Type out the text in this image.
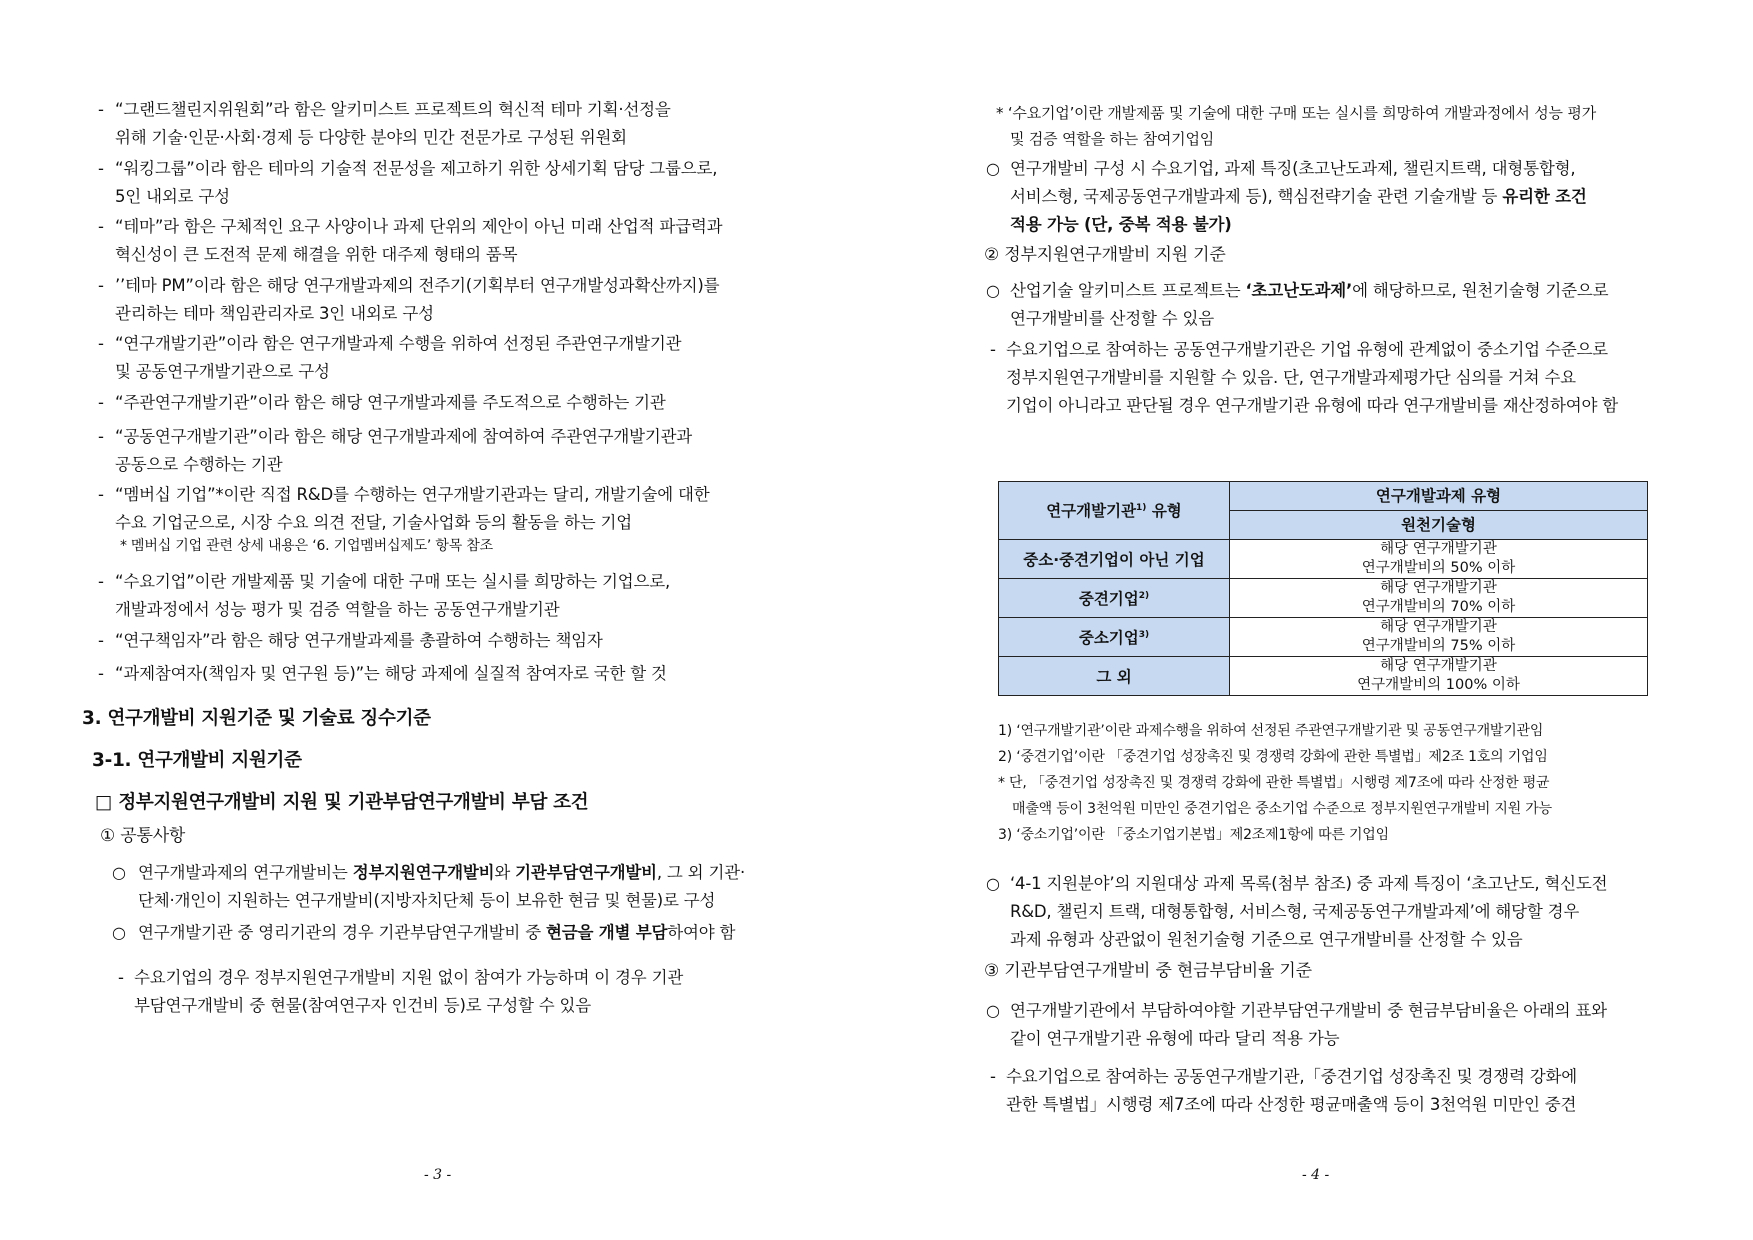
- “그랜드챌린지위원회”라 함은 알키미스트 프로젝트의 혁신적 테마 기획·선정을
위해 기술·인문·사회·경제 등 다양한 분야의 민간 전문가로 구성된 위원회
- “워킹그룹”이라 함은 테마의 기술적 전문성을 제고하기 위한 상세기획 담당 그룹으로,
5인 내외로 구성
- “테마”라 함은 구체적인 요구 사양이나 과제 단위의 제안이 아닌 미래 산업적 파급력과
혁신성이 큰 도전적 문제 해결을 위한 대주제 형태의 품목
- ’’테마 PM”이라 함은 해당 연구개발과제의 전주기(기획부터 연구개발성과확산까지)를
관리하는 테마 책임관리자로 3인 내외로 구성
- “연구개발기관”이라 함은 연구개발과제 수행을 위하여 선정된 주관연구개발기관
및 공동연구개발기관으로 구성
- “주관연구개발기관”이라 함은 해당 연구개발과제를 주도적으로 수행하는 기관
- “공동연구개발기관”이라 함은 해당 연구개발과제에 참여하여 주관연구개발기관과
공동으로 수행하는 기관
- “멤버십 기업”*이란 직접 R&D를 수행하는 연구개발기관과는 달리, 개발기술에 대한
수요 기업군으로, 시장 수요 의견 전달, 기술사업화 등의 활동을 하는 기업
* 멤버십 기업 관련 상세 내용은 ‘6. 기업멤버십제도’ 항목 참조
- “수요기업”이란 개발제품 및 기술에 대한 구매 또는 실시를 희망하는 기업으로,
개발과정에서 성능 평가 및 검증 역할을 하는 공동연구개발기관
- “연구책임자”라 함은 해당 연구개발과제를 총괄하여 수행하는 책임자
- “과제참여자(책임자 및 연구원 등)”는 해당 과제에 실질적 참여자로 국한 할 것
3. 연구개발비 지원기준 및 기술료 징수기준
3-1. 연구개발비 지원기준
□ 정부지원연구개발비 지원 및 기관부담연구개발비 부담 조건
① 공통사항
○ 연구개발과제의 연구개발비는 정부지원연구개발비와 기관부담연구개발비, 그 외 기관·
단체·개인이 지원하는 연구개발비(지방자치단체 등이 보유한 현금 및 현물)로 구성
○ 연구개발기관 중 영리기관의 경우 기관부담연구개발비 중 현금을 개별 부담하여야 함
- 수요기업의 경우 정부지원연구개발비 지원 없이 참여가 가능하며 이 경우 기관
부담연구개발비 중 현물(참여연구자 인건비 등)로 구성할 수 있음
- 3 -
* ‘수요기업’이란 개발제품 및 기술에 대한 구매 또는 실시를 희망하여 개발과정에서 성능 평가
및 검증 역할을 하는 참여기업임
○ 연구개발비 구성 시 수요기업, 과제 특징(초고난도과제, 챌린지트랙, 대형통합형,
서비스형, 국제공동연구개발과제 등), 핵심전략기술 관련 기술개발 등 유리한 조건
적용 가능 (단, 중복 적용 불가)
② 정부지원연구개발비 지원 기준
○ 산업기술 알키미스트 프로젝트는 ‘초고난도과제’에 해당하므로, 원천기술형 기준으로
연구개발비를 산정할 수 있음
- 수요기업으로 참여하는 공동연구개발기관은 기업 유형에 관계없이 중소기업 수준으로
정부지원연구개발비를 지원할 수 있음. 단, 연구개발과제평가단 심의를 거쳐 수요
기업이 아니라고 판단될 경우 연구개발기관 유형에 따라 연구개발비를 재산정하여야 함
연구개발기관$^{1)}$ 유형	연구개발과제 유형
	원천기술형
중소·중견기업이 아닌 기업	해당 연구개발기관
연구개발비의 50% 이하

중견기업$^{2)}$	해당 연구개발기관
연구개발비의 70% 이하

중소기업$^{3)}$	해당 연구개발기관
연구개발비의 75% 이하

그 외	해당 연구개발기관
연구개발비의 100% 이하
1) ‘연구개발기관’이란 과제수행을 위하여 선정된 주관연구개발기관 및 공동연구개발기관임
2) ‘중견기업’이란 「중견기업 성장촉진 및 경쟁력 강화에 관한 특별법」제2조 1호의 기업임
* 단, 「중견기업 성장촉진 및 경쟁력 강화에 관한 특별법」시행령 제7조에 따라 산정한 평균
매출액 등이 3천억원 미만인 중견기업은 중소기업 수준으로 정부지원연구개발비 지원 가능
3) ‘중소기업’이란 「중소기업기본법」제2조제1항에 따른 기업임
○ ‘4-1 지원분야’의 지원대상 과제 목록(첨부 참조) 중 과제 특징이 ‘초고난도, 혁신도전
R&D, 챌린지 트랙, 대형통합형, 서비스형, 국제공동연구개발과제’에 해당할 경우
과제 유형과 상관없이 원천기술형 기준으로 연구개발비를 산정할 수 있음
③ 기관부담연구개발비 중 현금부담비율 기준
○ 연구개발기관에서 부담하여야할 기관부담연구개발비 중 현금부담비율은 아래의 표와
같이 연구개발기관 유형에 따라 달리 적용 가능
- 수요기업으로 참여하는 공동연구개발기관,「중견기업 성장촉진 및 경쟁력 강화에
관한 특별법」시행령 제7조에 따라 산정한 평균매출액 등이 3천억원 미만인 중견
- 4 -
